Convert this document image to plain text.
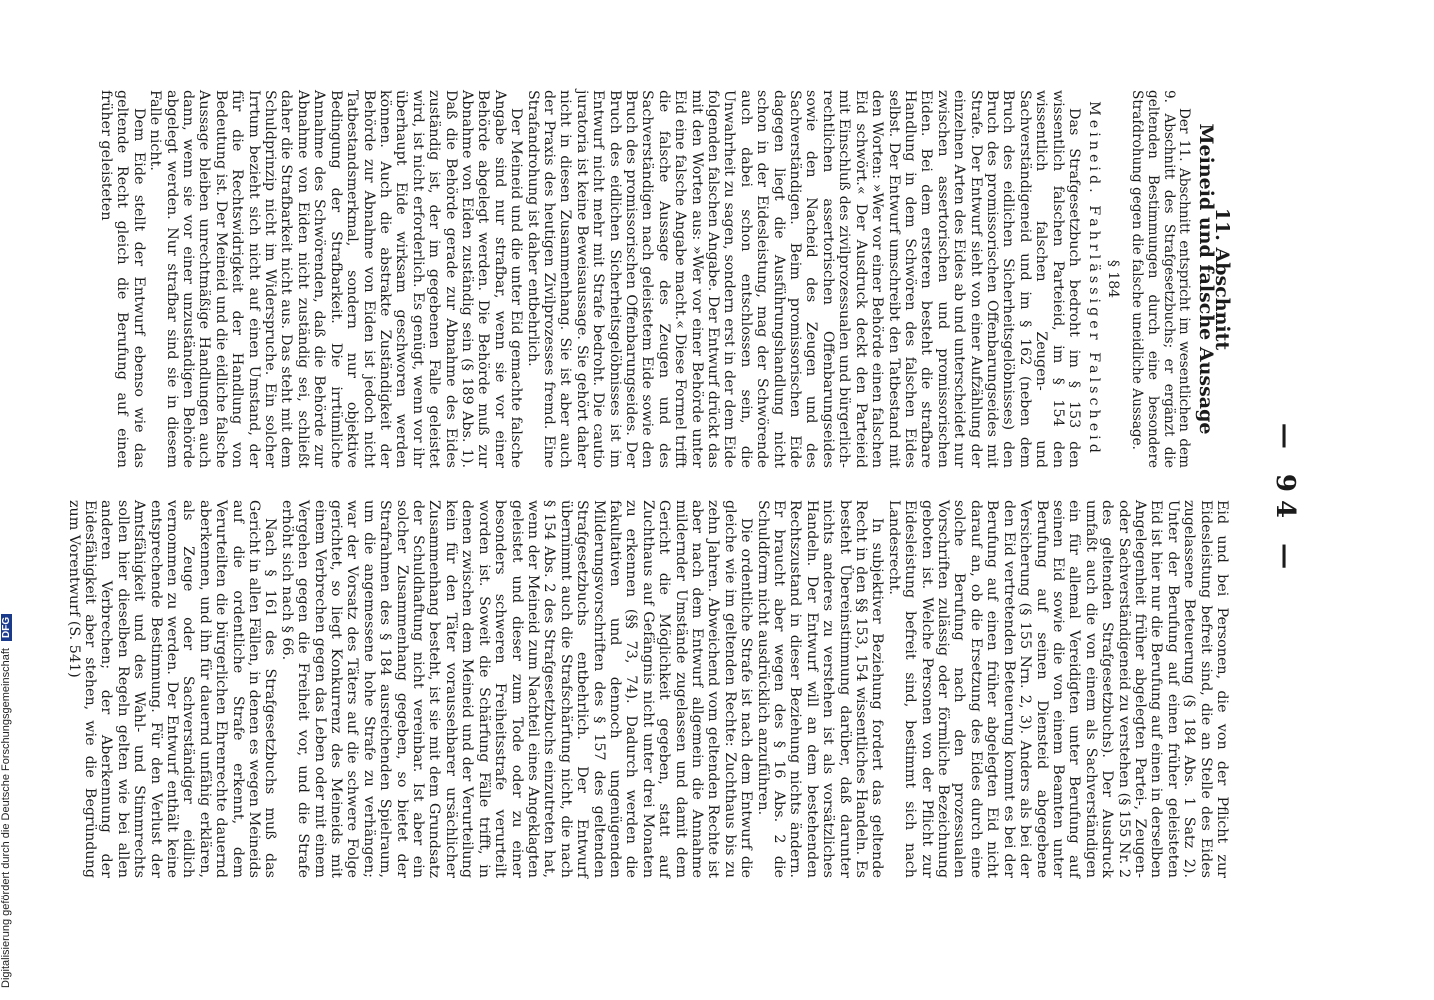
— 94 —
11. Abschnitt
Meineid und falsche Aussage

Der 11. Abschnitt entspricht im wesentlichen dem 9. Abschnitt des Strafgesetzbuchs; er ergänzt die geltenden Bestimmungen durch eine besondere Strafdrohung gegen die falsche uneidliche Aussage.

§ 184
Meineid. Fahrlässiger Falscheid

Das Strafgesetzbuch bedroht im § 153 den wissentlich falschen Parteieid, im § 154 den wissentlich falschen Zeugen- und Sachverständigeneid und im § 162 (neben dem Bruch des eidlichen Sicherheitsgelöbnisses) den Bruch des promissorischen Offenbarungseides mit Strafe. Der Entwurf sieht von einer Aufzählung der einzelnen Arten des Eides ab und unterscheidet nur zwischen assertorischen und promissorischen Eiden. Bei dem ersteren besteht die strafbare Handlung in dem Schwören des falschen Eides selbst. Der Entwurf umschreibt den Tatbestand mit den Worten: »Wer vor einer Behörde einen falschen Eid schwört.« Der Ausdruck deckt den Parteieid mit Einschluß des zivilprozessualen und bürgerlich-rechtlichen assertorischen Offenbarungseides sowie den Nacheid des Zeugen und des Sachverständigen. Beim promissorischen Eide dagegen liegt die Ausführungshandlung nicht schon in der Eidesleistung, mag der Schwörende auch dabei schon entschlossen sein, die Unwahrheit zu sagen, sondern erst in der dem Eide folgenden falschen Angabe. Der Entwurf drückt das mit den Worten aus: »Wer vor einer Behörde unter Eid eine falsche Angabe macht.« Diese Formel trifft die falsche Aussage des Zeugen und des Sachverständigen nach geleistetem Eide sowie den Bruch des promissorischen Offenbarungseides. Der Bruch des eidlichen Sicherheitsgelöbnisses ist im Entwurf nicht mehr mit Strafe bedroht. Die cautio juratoria ist keine Beweisaussage. Sie gehört daher nicht in diesen Zusammenhang. Sie ist aber auch der Praxis des heutigen Zivilprozesses fremd. Eine Strafandrohung ist daher entbehrlich.

Der Meineid und die unter Eid gemachte falsche Angabe sind nur strafbar, wenn sie vor einer Behörde abgelegt werden. Die Behörde muß zur Abnahme von Eiden zuständig sein (§ 189 Abs. 1). Daß die Behörde gerade zur Abnahme des Eides zuständig ist, der im gegebenen Falle geleistet wird, ist nicht erforderlich. Es genügt, wenn vor ihr überhaupt Eide wirksam geschworen werden können. Auch die abstrakte Zuständigkeit der Behörde zur Abnahme von Eiden ist jedoch nicht Tatbestandsmerkmal, sondern nur objektive Bedingung der Strafbarkeit. Die irrtümliche Annahme des Schwörenden, daß die Behörde zur Abnahme von Eiden nicht zuständig sei, schließt daher die Strafbarkeit nicht aus. Das steht mit dem Schuldprinzip nicht im Widerspruche. Ein solcher Irrtum bezieht sich nicht auf einen Umstand, der für die Rechtswidrigkeit der Handlung von Bedeutung ist. Der Meineid und die eidliche falsche Aussage bleiben unrechtmäßige Handlungen auch dann, wenn sie vor einer unzuständigen Behörde abgelegt werden. Nur strafbar sind sie in diesem Falle nicht.

Dem Eide stellt der Entwurf ebenso wie das geltende Recht gleich die Berufung auf einen früher geleisteten

Eid und bei Personen, die von der Pflicht zur Eidesleistung befreit sind, die an Stelle des Eides zugelassene Beteuerung (§ 184 Abs. 1 Satz 2). Unter der Berufung auf einen früher geleisteten Eid ist hier nur die Berufung auf einen in derselben Angelegenheit früher abgelegten Partei-, Zeugen- oder Sachverständigeneid zu verstehen (§ 155 Nr. 2 des geltenden Strafgesetzbuchs). Der Ausdruck umfaßt auch die von einem als Sachverständigen ein für allemal Vereidigten unter Berufung auf seinen Eid sowie die von einem Beamten unter Berufung auf seinen Diensteid abgegebene Versicherung (§ 155 Nrn. 2, 3). Anders als bei der den Eid vertretenden Beteuerung kommt es bei der Berufung auf einen früher abgelegten Eid nicht darauf an, ob die Ersetzung des Eides durch eine solche Berufung nach den prozessualen Vorschriften zulässig oder förmliche Bezeichnung geboten ist. Welche Personen von der Pflicht zur Eidesleistung befreit sind, bestimmt sich nach Landesrecht.

In subjektiver Beziehung fordert das geltende Recht in den §§ 153, 154 wissentliches Handeln. Es besteht Übereinstimmung darüber, daß darunter nichts anderes zu verstehen ist als vorsätzliches Handeln. Der Entwurf will an dem bestehenden Rechtszustand in dieser Beziehung nichts ändern. Er braucht aber wegen des § 16 Abs. 2 die Schuldform nicht ausdrücklich anzuführen.

Die ordentliche Strafe ist nach dem Entwurf die gleiche wie im geltenden Rechte: Zuchthaus bis zu zehn Jahren. Abweichend vom geltenden Rechte ist aber nach dem Entwurf allgemein die Annahme mildernder Umstände zugelassen und damit dem Gericht die Möglichkeit gegeben, statt auf Zuchthaus auf Gefängnis nicht unter drei Monaten zu erkennen (§§ 73, 74). Dadurch werden die fakultativen und dennoch ungenügenden Milderungsvorschriften des § 157 des geltenden Strafgesetzbuchs entbehrlich. Der Entwurf übernimmt auch die Strafschärfung nicht, die nach § 154 Abs. 2 des Strafgesetzbuchs einzutreten hat, wenn der Meineid zum Nachteil eines Angeklagten geleistet und dieser zum Tode oder zu einer besonders schweren Freiheitsstrafe verurteilt worden ist. Soweit die Schärfung Fälle trifft, in denen zwischen dem Meineid und der Verurteilung kein für den Täter voraussehbarer ursächlicher Zusammenhang besteht, ist sie mit dem Grundsatz der Schuldhaftung nicht vereinbar. Ist aber ein solcher Zusammenhang gegeben, so bietet der Strafrahmen des § 184 ausreichenden Spielraum, um die angemessene hohe Strafe zu verhängen; war der Vorsatz des Täters auf die schwere Folge gerichtet, so liegt Konkurrenz des Meineids mit einem Verbrechen gegen das Leben oder mit einem Vergehen gegen die Freiheit vor, und die Strafe erhöht sich nach § 66.

Nach § 161 des Strafgesetzbuchs muß das Gericht in allen Fällen, in denen es wegen Meineids auf die ordentliche Strafe erkennt, dem Verurteilten die bürgerlichen Ehrenrechte dauernd aberkennen, und ihn für dauernd unfähig erklären, als Zeuge oder Sachverständiger eidlich vernommen zu werden. Der Entwurf enthält keine entsprechende Bestimmung. Für den Verlust der Amtsfähigkeit und des Wahl- und Stimmrechts sollen hier dieselben Regeln gelten wie bei allen anderen Verbrechen; der Aberkennung der Eidesfähigkeit aber stehen, wie die Begründung zum Vorentwurf (S. 541)

Digitalisierung gefördert durch die Deutsche Forschungsgemeinschaft DFG
